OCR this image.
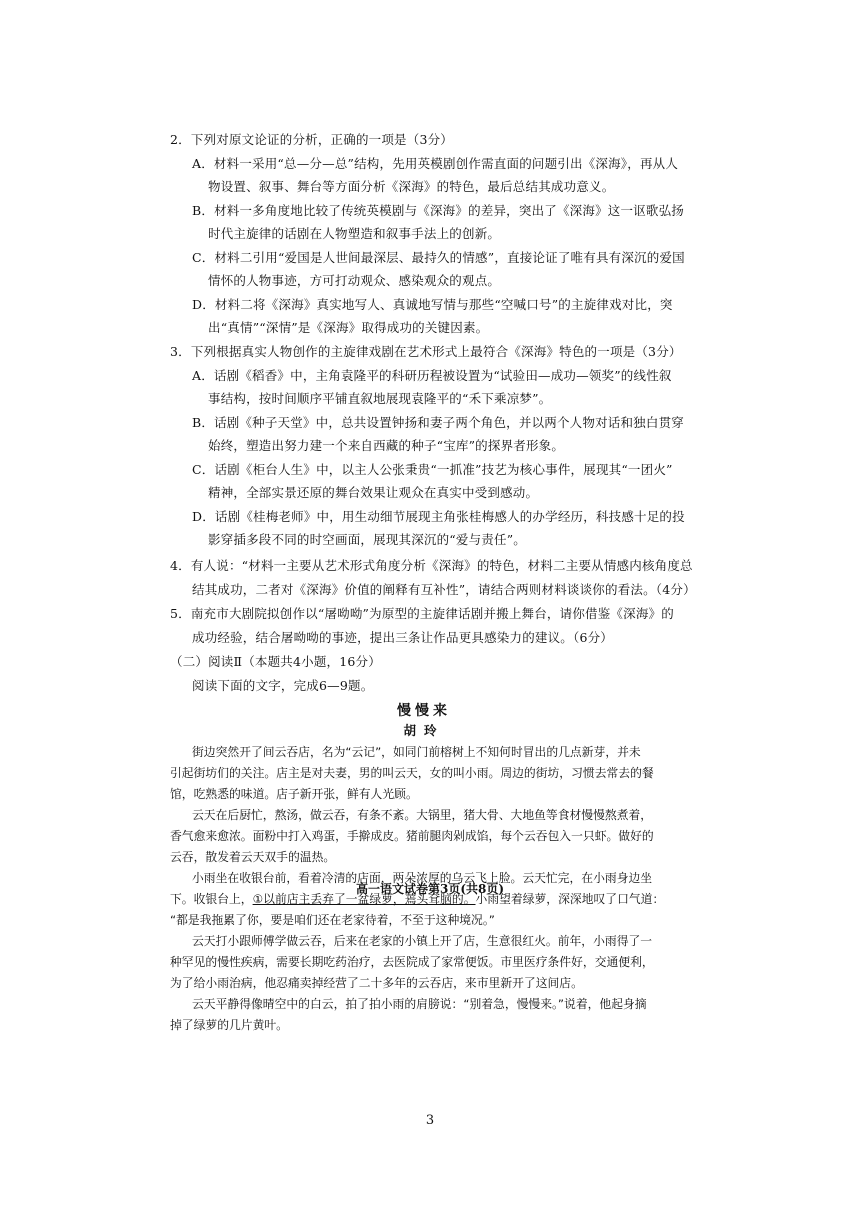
2．下列对原文论证的分析，正确的一项是（3分）
A．材料一采用“总—分—总”结构，先用英模剧创作需直面的问题引出《深海》，再从人
物设置、叙事、舞台等方面分析《深海》的特色，最后总结其成功意义。
B．材料一多角度地比较了传统英模剧与《深海》的差异，突出了《深海》这一讴歌弘扬
时代主旋律的话剧在人物塑造和叙事手法上的创新。
C．材料二引用“爱国是人世间最深层、最持久的情感”，直接论证了唯有具有深沉的爱国
情怀的人物事迹，方可打动观众、感染观众的观点。
D．材料二将《深海》真实地写人、真诚地写情与那些“空喊口号”的主旋律戏对比，突
出“真情”“深情”是《深海》取得成功的关键因素。
3．下列根据真实人物创作的主旋律戏剧在艺术形式上最符合《深海》特色的一项是（3分）
A．话剧《稻香》中，主角袁隆平的科研历程被设置为“试验田—成功—领奖”的线性叙
事结构，按时间顺序平铺直叙地展现袁隆平的“禾下乘凉梦”。
B．话剧《种子天堂》中，总共设置钟扬和妻子两个角色，并以两个人物对话和独白贯穿
始终，塑造出努力建一个来自西藏的种子“宝库”的探界者形象。
C．话剧《柜台人生》中，以主人公张秉贵“一抓准”技艺为核心事件，展现其“一团火”
精神，全部实景还原的舞台效果让观众在真实中受到感动。
D．话剧《桂梅老师》中，用生动细节展现主角张桂梅感人的办学经历，科技感十足的投
影穿插多段不同的时空画面，展现其深沉的“爱与责任”。
4．有人说：“材料一主要从艺术形式角度分析《深海》的特色，材料二主要从情感内核角度总
结其成功，二者对《深海》价值的阐释有互补性”，请结合两则材料谈谈你的看法。（4分）
5．南充市大剧院拟创作以“屠呦呦”为原型的主旋律话剧并搬上舞台，请你借鉴《深海》的
成功经验，结合屠呦呦的事迹，提出三条让作品更具感染力的建议。（6分）
（二）阅读Ⅱ（本题共4小题，16分）
阅读下面的文字，完成6—9题。
慢慢来
胡玲
街边突然开了间云吞店，名为“云记”，如同门前榕树上不知何时冒出的几点新芽，并未
引起街坊们的关注。店主是对夫妻，男的叫云天，女的叫小雨。周边的街坊，习惯去常去的餐
馆，吃熟悉的味道。店子新开张，鲜有人光顾。
云天在后厨忙，熬汤，做云吞，有条不紊。大锅里，猪大骨、大地鱼等食材慢慢熬煮着，
香气愈来愈浓。面粉中打入鸡蛋，手擀成皮。猪前腿肉剁成馅，每个云吞包入一只虾。做好的
云吞，散发着云天双手的温热。
小雨坐在收银台前，看着冷清的店面，两朵浓厚的乌云飞上脸。云天忙完，在小雨身边坐
下。收银台上，①以前店主丢弃了一盆绿萝，蔫头耷脑的。小雨望着绿萝，深深地叹了口气道：
“都是我拖累了你，要是咱们还在老家待着，不至于这种境况。”
云天打小跟师傅学做云吞，后来在老家的小镇上开了店，生意很红火。前年，小雨得了一
种罕见的慢性疾病，需要长期吃药治疗，去医院成了家常便饭。市里医疗条件好，交通便利，
为了给小雨治病，他忍痛卖掉经营了二十多年的云吞店，来市里新开了这间店。
云天平静得像晴空中的白云，拍了拍小雨的肩膀说：“别着急，慢慢来。”说着，他起身摘
掉了绿萝的几片黄叶。
高一语文试卷第3页(共8页)
3
